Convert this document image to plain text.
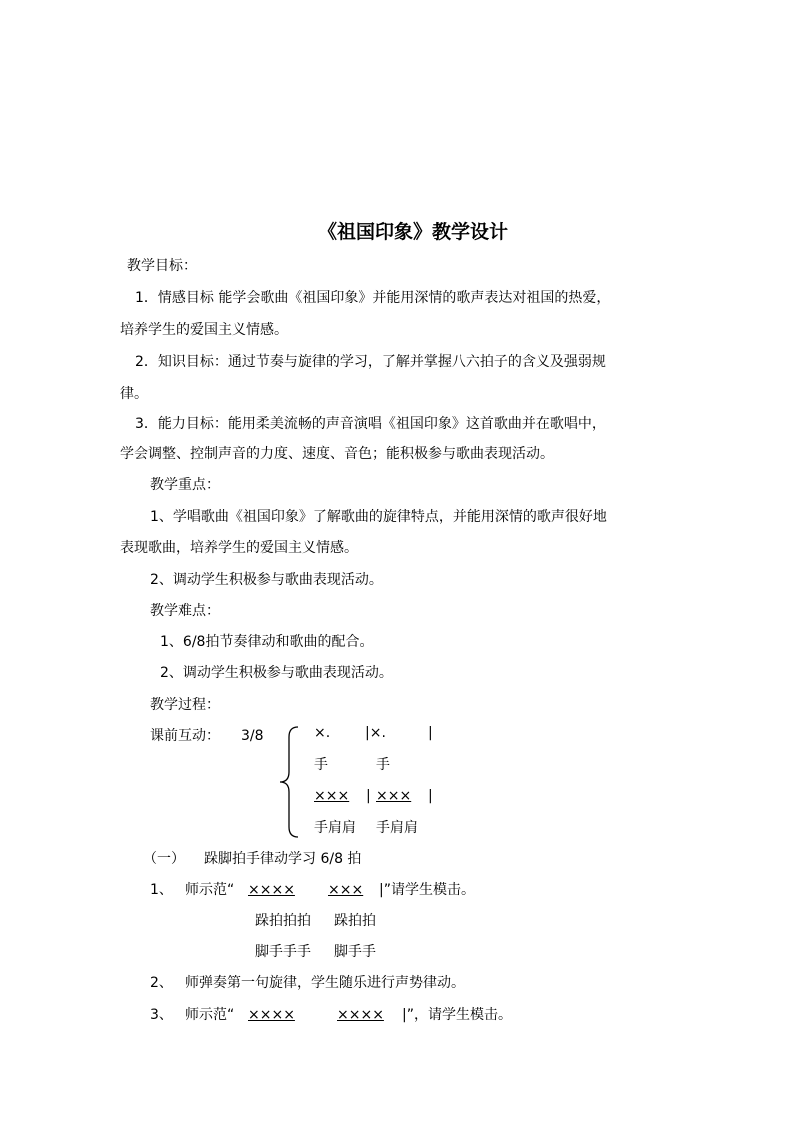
《祖国印象》教学设计
教学目标：
1．情感目标 能学会歌曲《祖国印象》并能用深情的歌声表达对祖国的热爱，
培养学生的爱国主义情感。
2．知识目标：通过节奏与旋律的学习，了解并掌握八六拍子的含义及强弱规
律。
3．能力目标：能用柔美流畅的声音演唱《祖国印象》这首歌曲并在歌唱中，
学会调整、控制声音的力度、速度、音色；能积极参与歌曲表现活动。
教学重点：
1、学唱歌曲《祖国印象》了解歌曲的旋律特点，并能用深情的歌声很好地
表现歌曲，培养学生的爱国主义情感。
2、调动学生积极参与歌曲表现活动。
教学难点：
1、6/8拍节奏律动和歌曲的配合。
2、调动学生积极参与歌曲表现活动。
教学过程：
课前互动： 3/8	×. |×.	|
手	手
××× | ××× |
手肩肩 手肩肩
（一） 跺脚拍手律动学习 6/8 拍
1、 师示范“ ×××× ××× |”请学生模击。
跺拍拍拍 跺拍拍
脚手手手 脚手手
2、 师弹奏第一句旋律，学生随乐进行声势律动。
3、 师示范“ ××××	×××× |”，请学生模击。
